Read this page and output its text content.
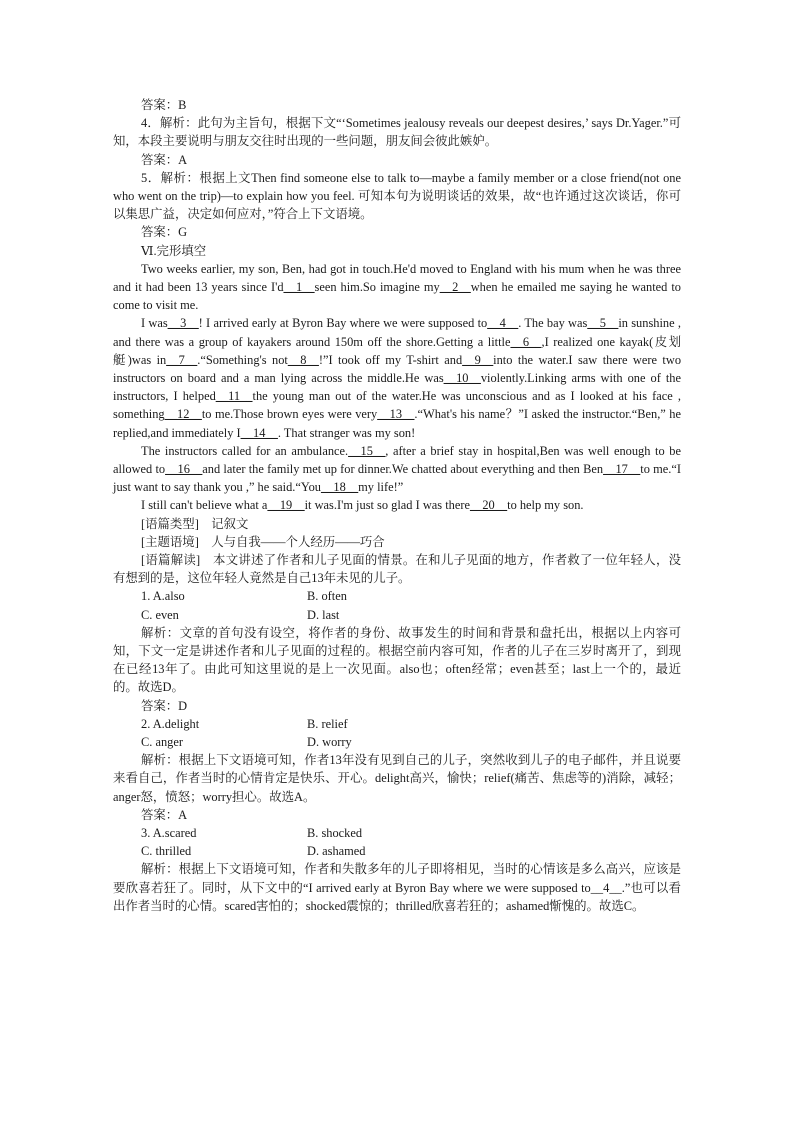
答案：B

4．解析：此句为主旨句，根据下文“‘Sometimes jealousy reveals our deepest desires,’ says Dr.Yager.”可知，本段主要说明与朋友交往时出现的一些问题，朋友间会彼此嫉妒。

答案：A

5．解析：根据上文Then find someone else to talk to—maybe a family member or a close friend(not one who went on the trip)—to explain how you feel. 可知本句为说明谈话的效果，故“也许通过这次谈话，你可以集思广益，决定如何应对，”符合上下文语境。

答案：G

Ⅵ.完形填空

Two weeks earlier, my son, Ben, had got in touch.He'd moved to England with his mum when he was three and it had been 13 years since I'd__1__seen him.So imagine my__2__when he emailed me saying he wanted to come to visit me.

I was__3__! I arrived early at Byron Bay where we were supposed to__4__. The bay was__5__in sunshine , and there was a group of kayakers around 150m off the shore.Getting a little__6__,I realized one kayak(皮划艇)was in__7__.“Something's not__8__!”I took off my T-shirt and__9__into the water.I saw there were two instructors on board and a man lying across the middle.He was__10__violently.Linking arms with one of the instructors, I helped__11__the young man out of the water.He was unconscious and as I looked at his face , something__12__to me.Those brown eyes were very__13__.“What's his name？”I asked the instructor.“Ben,” he replied,and immediately I__14__. That stranger was my son!

The instructors called for an ambulance.__15__, after a brief stay in hospital,Ben was well enough to be allowed to__16__and later the family met up for dinner.We chatted about everything and then Ben__17__to me.“I just want to say thank you ,” he said.“You__18__my life!”

I still can't believe what a__19__it was.I'm just so glad I was there__20__to help my son.

[语篇类型]　记叙文

[主题语境]　人与自我——个人经历——巧合

[语篇解读]　本文讲述了作者和儿子见面的情景。在和儿子见面的地方，作者救了一位年轻人，没有想到的是，这位年轻人竟然是自己13年未见的儿子。

1. A.also	B. often
C. even	D. last

解析：文章的首句没有设空，将作者的身份、故事发生的时间和背景和盘托出，根据以上内容可知，下文一定是讲述作者和儿子见面的过程的。根据空前内容可知，作者的儿子在三岁时离开了，到现在已经13年了。由此可知这里说的是上一次见面。also也；often经常；even甚至；last上一个的，最近的。故选D。

答案：D

2. A.delight	B. relief
C. anger	D. worry

解析：根据上下文语境可知，作者13年没有见到自己的儿子，突然收到儿子的电子邮件，并且说要来看自己，作者当时的心情肯定是快乐、开心。delight高兴，愉快；relief(痛苦、焦虑等的)消除，减轻；anger怒，愤怒；worry担心。故选A。

答案：A

3. A.scared	B. shocked
C. thrilled	D. ashamed

解析：根据上下文语境可知，作者和失散多年的儿子即将相见，当时的心情该是多么高兴，应该是要欣喜若狂了。同时，从下文中的“I arrived early at Byron Bay where we were supposed to__4__.”也可以看出作者当时的心情。scared害怕的；shocked震惊的；thrilled欣喜若狂的；ashamed惭愧的。故选C。
